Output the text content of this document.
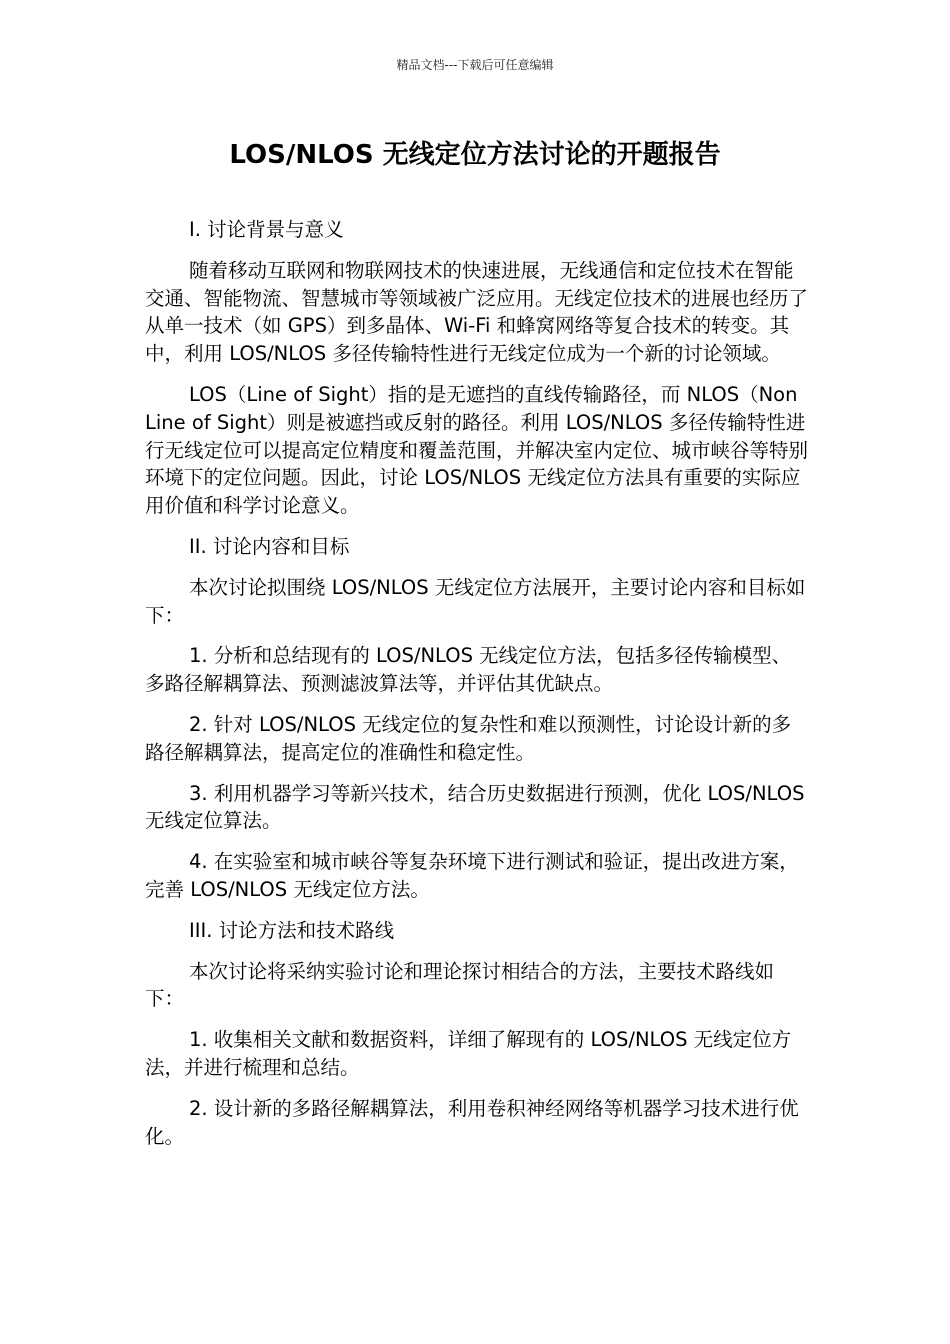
精品文档---下载后可任意编辑
LOS/NLOS 无线定位方法讨论的开题报告

I. 讨论背景与意义

随着移动互联网和物联网技术的快速进展，无线通信和定位技术在智能交通、智能物流、智慧城市等领域被广泛应用。无线定位技术的进展也经历了从单一技术（如 GPS）到多晶体、Wi-Fi 和蜂窝网络等复合技术的转变。其中，利用 LOS/NLOS 多径传输特性进行无线定位成为一个新的讨论领域。

LOS（Line of Sight）指的是无遮挡的直线传输路径，而 NLOS（Non Line of Sight）则是被遮挡或反射的路径。利用 LOS/NLOS 多径传输特性进行无线定位可以提高定位精度和覆盖范围，并解决室内定位、城市峡谷等特别环境下的定位问题。因此，讨论 LOS/NLOS 无线定位方法具有重要的实际应用价值和科学讨论意义。

II. 讨论内容和目标

本次讨论拟围绕 LOS/NLOS 无线定位方法展开，主要讨论内容和目标如下：

1. 分析和总结现有的 LOS/NLOS 无线定位方法，包括多径传输模型、多路径解耦算法、预测滤波算法等，并评估其优缺点。

2. 针对 LOS/NLOS 无线定位的复杂性和难以预测性，讨论设计新的多路径解耦算法，提高定位的准确性和稳定性。

3. 利用机器学习等新兴技术，结合历史数据进行预测，优化 LOS/NLOS 无线定位算法。

4. 在实验室和城市峡谷等复杂环境下进行测试和验证，提出改进方案，完善 LOS/NLOS 无线定位方法。

III. 讨论方法和技术路线

本次讨论将采纳实验讨论和理论探讨相结合的方法，主要技术路线如下：

1. 收集相关文献和数据资料，详细了解现有的 LOS/NLOS 无线定位方法，并进行梳理和总结。

2. 设计新的多路径解耦算法，利用卷积神经网络等机器学习技术进行优化。
